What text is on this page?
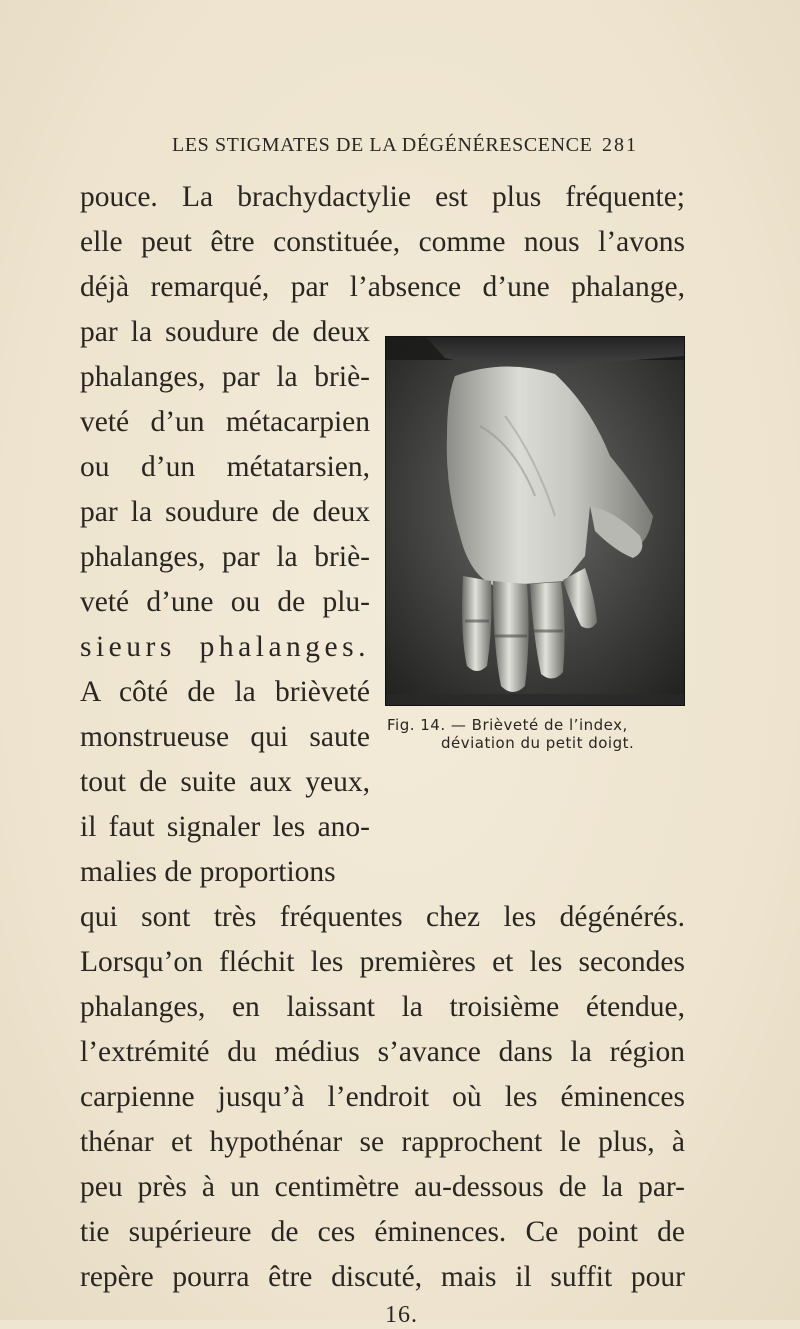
LES STIGMATES DE LA DÉGÉNÉRESCENCE 281
pouce. La brachydactylie est plus fréquente;
elle peut être constituée, comme nous l’avons
déjà remarqué, par l’absence d’une phalange,
par la soudure de deux
phalanges, par la briè-
veté d’un métacarpien
ou d’un métatarsien,
par la soudure de deux
phalanges, par la briè-
veté d’une ou de plu-
sieurs phalanges.
A côté de la brièveté
monstrueuse qui saute
tout de suite aux yeux,
il faut signaler les ano-
malies de proportions
qui sont très fréquentes chez les dégénérés.
Lorsqu’on fléchit les premières et les secondes
phalanges, en laissant la troisième étendue,
l’extrémité du médius s’avance dans la région
carpienne jusqu’à l’endroit où les éminences
thénar et hypothénar se rapprochent le plus, à
peu près à un centimètre au-dessous de la par-
tie supérieure de ces éminences. Ce point de
repère pourra être discuté, mais il suffit pour
Fig. 14. — Brièveté de l’index,
déviation du petit doigt.
16.
